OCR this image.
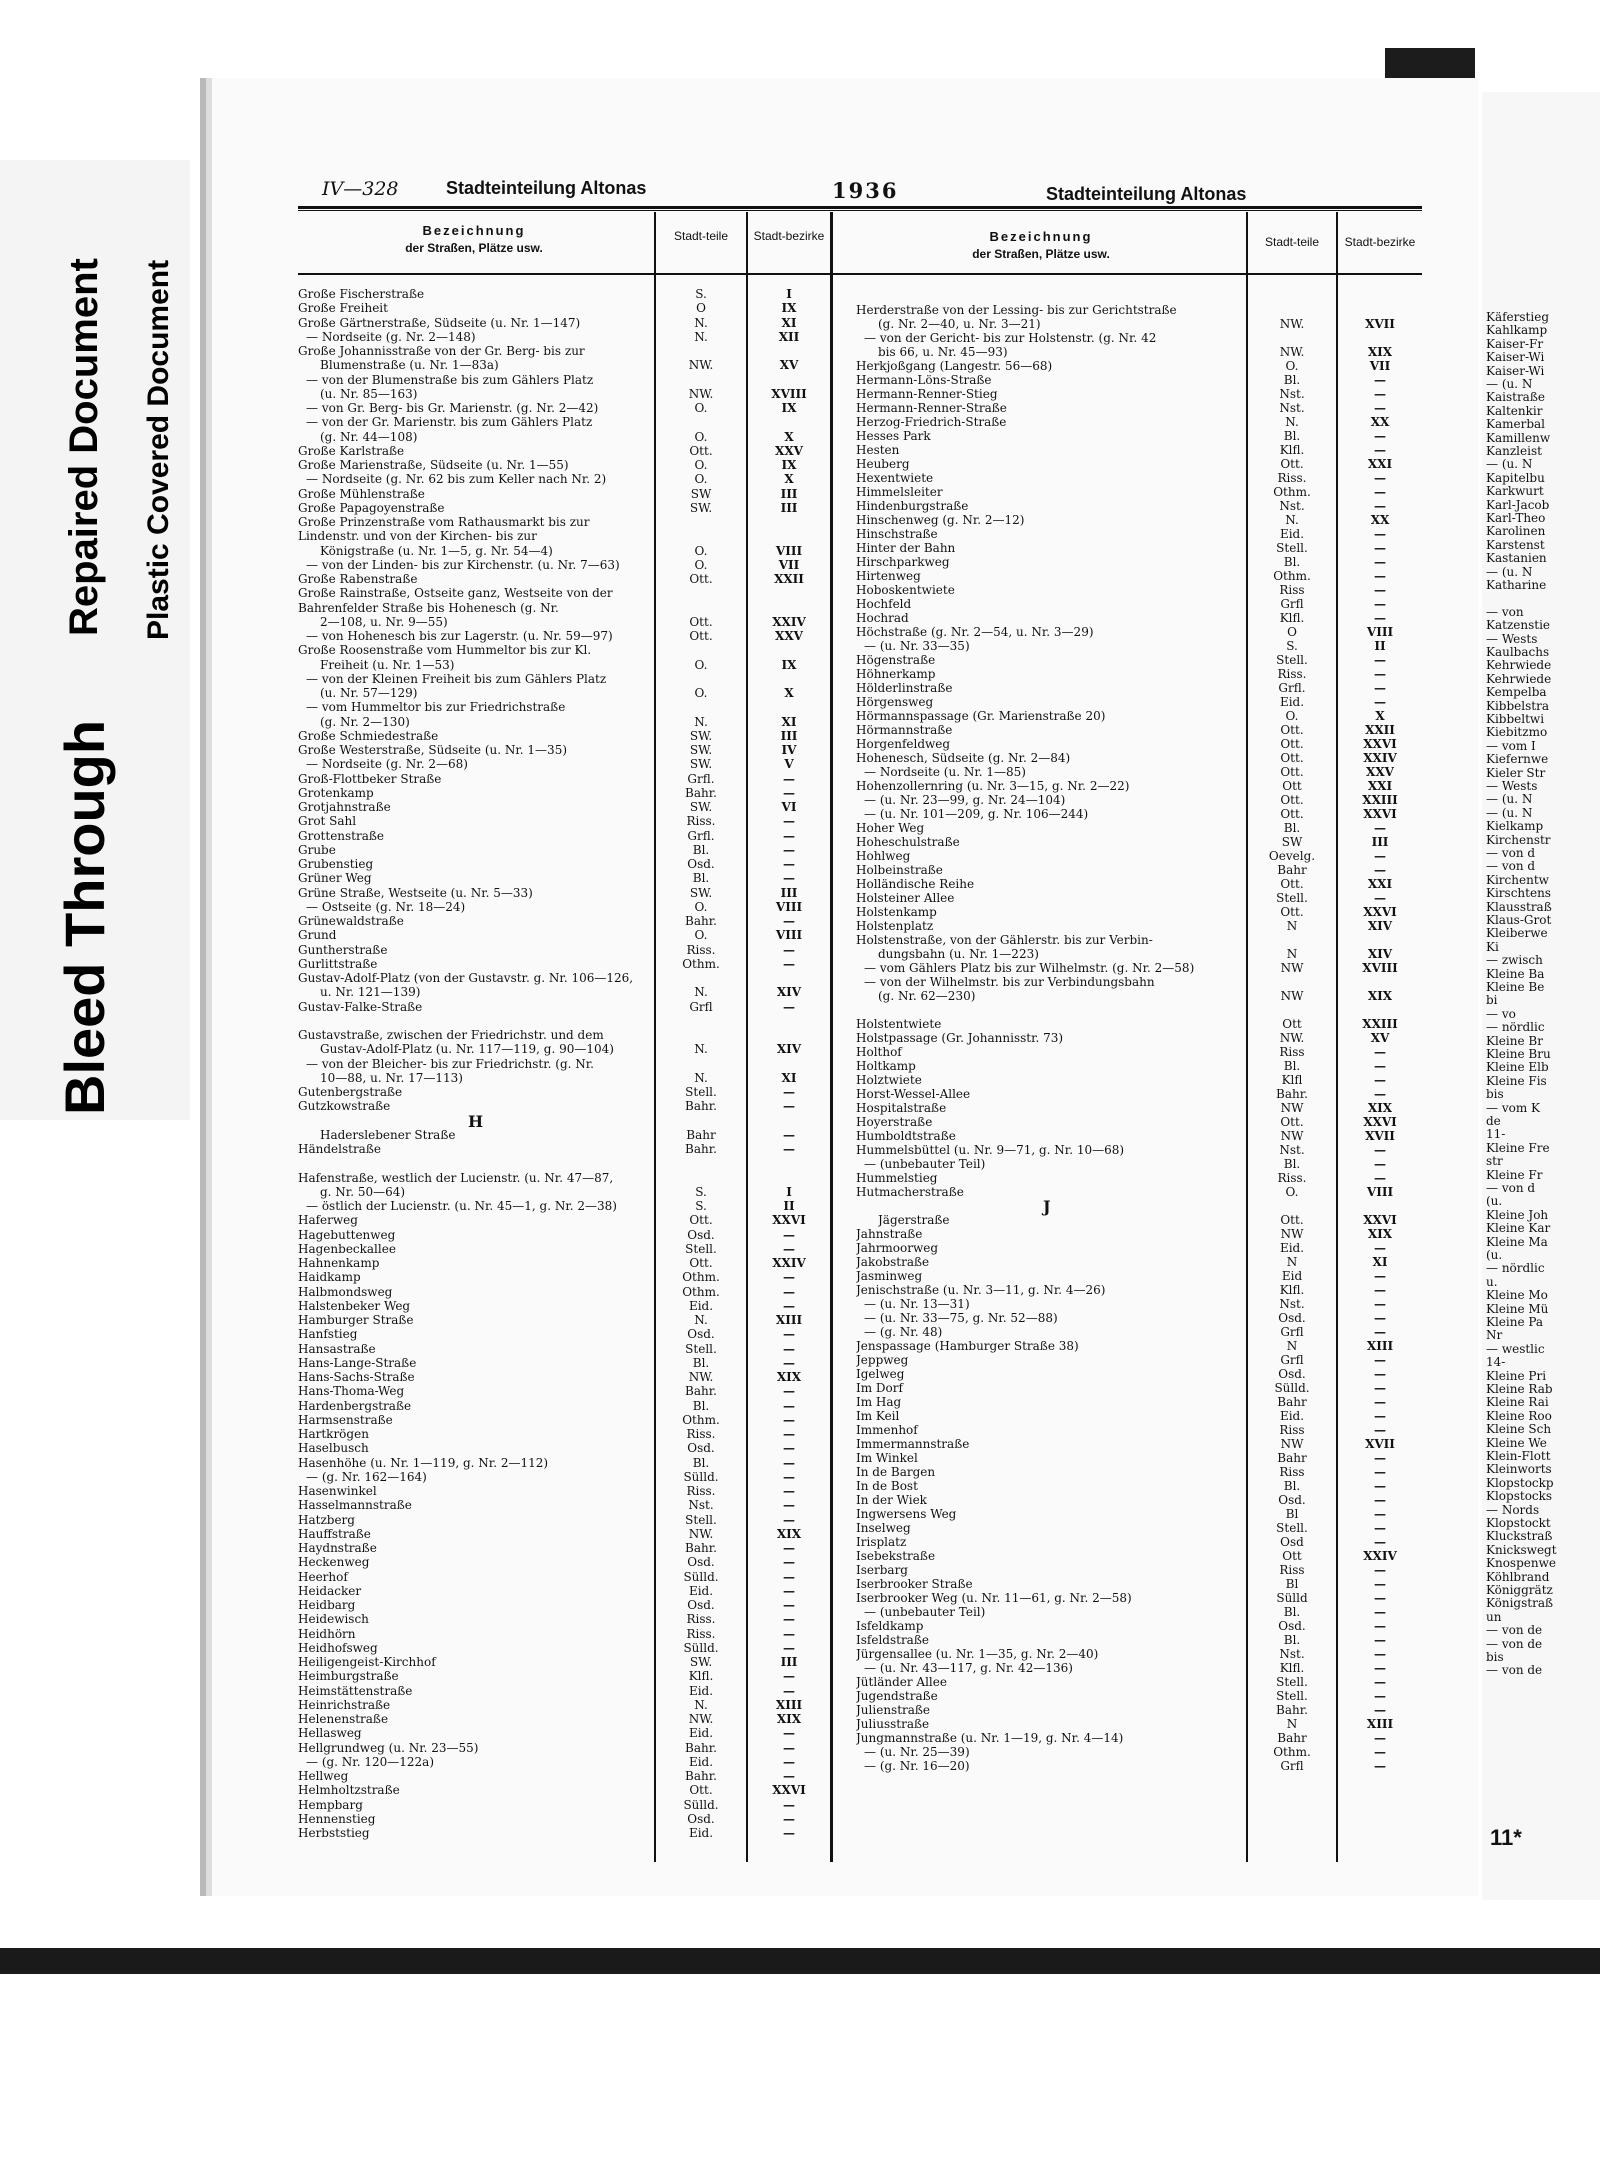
Bleed Through
Repaired Document Plastic Covered Document
IV—328	Stadteinteilung Altonas	1936	Stadteinteilung Altonas
Bezeichnung
der Straßen, Plätze usw.
Stadt-teile	Stadt-bezirke	Bezeichnung
der Straßen, Plätze usw.
Stadt-teile	Stadt-bezirke
Große Fischerstraße	S.	I
Große Freiheit	O	IX
Große Gärtnerstraße, Südseite (u. Nr. 1—147)	N.	XI
— Nordseite (g. Nr. 2—148)	N.	XII
Große Johannisstraße von der Gr. Berg- bis zur
Blumenstraße (u. Nr. 1—83a)	NW.	XV
— von der Blumenstraße bis zum Gählers Platz
(u. Nr. 85—163)	NW.	XVIII
— von Gr. Berg- bis Gr. Marienstr. (g. Nr. 2—42)	O.	IX
— von der Gr. Marienstr. bis zum Gählers Platz
(g. Nr. 44—108)	O.	X
Große Karlstraße	Ott.	XXV
Große Marienstraße, Südseite (u. Nr. 1—55)	O.	IX
— Nordseite (g. Nr. 62 bis zum Keller nach Nr. 2)	O.	X
Große Mühlenstraße	SW	III
Große Papagoyenstraße	SW.	III
Große Prinzenstraße vom Rathausmarkt bis zur
Lindenstr. und von der Kirchen- bis zur
Königstraße (u. Nr. 1—5, g. Nr. 54—4)	O.	VIII
— von der Linden- bis zur Kirchenstr. (u. Nr. 7—63)	O.	VII
Große Rabenstraße	Ott.	XXII
Große Rainstraße, Ostseite ganz, Westseite von der
Bahrenfelder Straße bis Hohenesch (g. Nr.
2—108, u. Nr. 9—55)	Ott.	XXIV
— von Hohenesch bis zur Lagerstr. (u. Nr. 59—97)	Ott.	XXV
Große Roosenstraße vom Hummeltor bis zur Kl.
Freiheit (u. Nr. 1—53)	O.	IX
— von der Kleinen Freiheit bis zum Gählers Platz
(u. Nr. 57—129)	O.	X
— vom Hummeltor bis zur Friedrichstraße
(g. Nr. 2—130)	N.	XI
Große Schmiedestraße	SW.	III
Große Westerstraße, Südseite (u. Nr. 1—35)	SW.	IV
— Nordseite (g. Nr. 2—68)	SW.	V
Groß-Flottbeker Straße	Grfl.	—
Grotenkamp	Bahr.	—
Grotjahnstraße	SW.	VI
Grot Sahl	Riss.	—
Grottenstraße	Grfl.	—
Grube	Bl.	—
Grubenstieg	Osd.	—
Grüner Weg	Bl.	—
Grüne Straße, Westseite (u. Nr. 5—33)	SW.	III
— Ostseite (g. Nr. 18—24)	O.	VIII
Grünewaldstraße	Bahr.	—
Grund	O.	VIII
Guntherstraße	Riss.	—
Gurlittstraße	Othm.	—
Gustav-Adolf-Platz (von der Gustavstr. g. Nr. 106—126,
u. Nr. 121—139)	N.	XIV
Gustav-Falke-Straße	Grfl	—
Gustavstraße, zwischen der Friedrichstr. und dem
Gustav-Adolf-Platz (u. Nr. 117—119, g. 90—104)	N.	XIV
— von der Bleicher- bis zur Friedrichstr. (g. Nr.
10—88, u. Nr. 17—113)	N.	XI
Gutenbergstraße	Stell.	—
Gutzkowstraße	Bahr.	—
H
Haderslebener Straße	Bahr	—
Händelstraße	Bahr.	—
Hafenstraße, westlich der Lucienstr. (u. Nr. 47—87,
g. Nr. 50—64)	S.	I
— östlich der Lucienstr. (u. Nr. 45—1, g. Nr. 2—38)	S.	II
Haferweg	Ott.	XXVI
Hagebuttenweg	Osd.	—
Hagenbeckallee	Stell.	—
Hahnenkamp	Ott.	XXIV
Haidkamp	Othm.	—
Halbmondsweg	Othm.	—
Halstenbeker Weg	Eid.	—
Hamburger Straße	N.	XIII
Hanfstieg	Osd.	—
Hansastraße	Stell.	—
Hans-Lange-Straße	Bl.	—
Hans-Sachs-Straße	NW.	XIX
Hans-Thoma-Weg	Bahr.	—
Hardenbergstraße	Bl.	—
Harmsenstraße	Othm.	—
Hartkrögen	Riss.	—
Haselbusch	Osd.	—
Hasenhöhe (u. Nr. 1—119, g. Nr. 2—112)	Bl.	—
— (g. Nr. 162—164)	Sülld.	—
Hasenwinkel	Riss.	—
Hasselmannstraße	Nst.	—
Hatzberg	Stell.	—
Hauffstraße	NW.	XIX
Haydnstraße	Bahr.	—
Heckenweg	Osd.	—
Heerhof	Sülld.	—
Heidacker	Eid.	—
Heidbarg	Osd.	—
Heidewisch	Riss.	—
Heidhörn	Riss.	—
Heidhofsweg	Sülld.	—
Heiligengeist-Kirchhof	SW.	III
Heimburgstraße	Klfl.	—
Heimstättenstraße	Eid.	—
Heinrichstraße	N.	XIII
Helenenstraße	NW.	XIX
Hellasweg	Eid.	—
Hellgrundweg (u. Nr. 23—55)	Bahr.	—
— (g. Nr. 120—122a)	Eid.	—
Hellweg	Bahr.	—
Helmholtzstraße	Ott.	XXVI
Hempbarg	Sülld.	—
Hennenstieg	Osd.	—
Herbststieg	Eid.	—
Herderstraße von der Lessing- bis zur Gerichtstraße
(g. Nr. 2—40, u. Nr. 3—21)	NW.	XVII
— von der Gericht- bis zur Holstenstr. (g. Nr. 42
bis 66, u. Nr. 45—93)	NW.	XIX
Herkjoßgang (Langestr. 56—68)	O.	VII
Hermann-Löns-Straße	Bl.	—
Hermann-Renner-Stieg	Nst.	—
Hermann-Renner-Straße	Nst.	—
Herzog-Friedrich-Straße	N.	XX
Hesses Park	Bl.	—
Hesten	Klfl.	—
Heuberg	Ott.	XXI
Hexentwiete	Riss.	—
Himmelsleiter	Othm.	—
Hindenburgstraße	Nst.	—
Hinschenweg (g. Nr. 2—12)	N.	XX
Hinschstraße	Eid.	—
Hinter der Bahn	Stell.	—
Hirschparkweg	Bl.	—
Hirtenweg	Othm.	—
Hoboskentwiete	Riss	—
Hochfeld	Grfl	—
Hochrad	Klfl.	—
Höchstraße (g. Nr. 2—54, u. Nr. 3—29)	O	VIII
— (u. Nr. 33—35)	S.	II
Högenstraße	Stell.	—
Höhnerkamp	Riss.	—
Hölderlinstraße	Grfl.	—
Hörgensweg	Eid.	—
Hörmannspassage (Gr. Marienstraße 20)	O.	X
Hörmannstraße	Ott.	XXII
Horgenfeldweg	Ott.	XXVI
Hohenesch, Südseite (g. Nr. 2—84)	Ott.	XXIV
— Nordseite (u. Nr. 1—85)	Ott.	XXV
Hohenzollernring (u. Nr. 3—15, g. Nr. 2—22)	Ott	XXI
— (u. Nr. 23—99, g. Nr. 24—104)	Ott.	XXIII
— (u. Nr. 101—209, g. Nr. 106—244)	Ott.	XXVI
Hoher Weg	Bl.	—
Hoheschulstraße	SW	III
Hohlweg	Oevelg.	—
Holbeinstraße	Bahr	—
Holländische Reihe	Ott.	XXI
Holsteiner Allee	Stell.	—
Holstenkamp	Ott.	XXVI
Holstenplatz	N	XIV
Holstenstraße, von der Gählerstr. bis zur Verbin-
dungsbahn (u. Nr. 1—223)	N	XIV
— vom Gählers Platz bis zur Wilhelmstr. (g. Nr. 2—58)	NW	XVIII
— von der Wilhelmstr. bis zur Verbindungsbahn
(g. Nr. 62—230)	NW	XIX
Holstentwiete	Ott	XXIII
Holstpassage (Gr. Johannisstr. 73)	NW.	XV
Holthof	Riss	—
Holtkamp	Bl.	—
Holztwiete	Klfl	—
Horst-Wessel-Allee	Bahr.	—
Hospitalstraße	NW	XIX
Hoyerstraße	Ott.	XXVI
Humboldtstraße	NW	XVII
Hummelsbüttel (u. Nr. 9—71, g. Nr. 10—68)	Nst.	—
— (unbebauter Teil)	Bl.	—
Hummelstieg	Riss.	—
Hutmacherstraße	O.	VIII
J
Jägerstraße	Ott.	XXVI
Jahnstraße	NW	XIX
Jahrmoorweg	Eid.	—
Jakobstraße	N	XI
Jasminweg	Eid	—
Jenischstraße (u. Nr. 3—11, g. Nr. 4—26)	Klfl.	—
— (u. Nr. 13—31)	Nst.	—
— (u. Nr. 33—75, g. Nr. 52—88)	Osd.	—
— (g. Nr. 48)	Grfl	—
Jenspassage (Hamburger Straße 38)	N	XIII
Jeppweg	Grfl	—
Igelweg	Osd.	—
Im Dorf	Sülld.	—
Im Hag	Bahr	—
Im Keil	Eid.	—
Immenhof	Riss	—
Immermannstraße	NW	XVII
Im Winkel	Bahr	—
In de Bargen	Riss	—
In de Bost	Bl.	—
In der Wiek	Osd.	—
Ingwersens Weg	Bl	—
Inselweg	Stell.	—
Irisplatz	Osd	—
Isebekstraße	Ott	XXIV
Iserbarg	Riss	—
Iserbrooker Straße	Bl	—
Iserbrooker Weg (u. Nr. 11—61, g. Nr. 2—58)	Sülld	—
— (unbebauter Teil)	Bl.	—
Isfeldkamp	Osd.	—
Isfeldstraße	Bl.	—
Jürgensallee (u. Nr. 1—35, g. Nr. 2—40)	Nst.	—
— (u. Nr. 43—117, g. Nr. 42—136)	Klfl.	—
Jütländer Allee	Stell.	—
Jugendstraße	Stell.	—
Julienstraße	Bahr.	—
Juliusstraße	N	XIII
Jungmannstraße (u. Nr. 1—19, g. Nr. 4—14)	Bahr	—
— (u. Nr. 25—39)	Othm.	—
— (g. Nr. 16—20)	Grfl	—
Käferstieg
Kahlkamp
Kaiser-Fr
Kaiser-Wi
Kaiser-Wi
— (u. N
Kaistraße
Kaltenkir
Kamerbal
Kamillenw
Kanzleist
— (u. N
Kapitelbu
Karkwurt
Karl-Jacob
Karl-Theo
Karolinen
Karstenst
Kastanien
— (u. N
Katharine
— von
Katzenstie
— Wests
Kaulbachs
Kehrwiede
Kehrwiede
Kempelba
Kibbelstra
Kibbeltwi
Kiebitzmo
— vom I
Kiefernwe
Kieler Str
— Wests
— (u. N
— (u. N
Kielkamp
Kirchenstr
— von d
— von d
Kirchentw
Kirschtens
Klausstraß
Klaus-Grot
Kleiberwe
Ki
— zwisch
Kleine Ba
Kleine Be
bi
— vo
— nördlic
Kleine Br
Kleine Bru
Kleine Elb
Kleine Fis
bis
— vom K
de
11-
Kleine Fre
str
Kleine Fr
— von d
(u.
Kleine Joh
Kleine Kar
Kleine Ma
(u.
— nördlic
u.
Kleine Mo
Kleine Mü
Kleine Pa
Nr
— westlic
14-
Kleine Pri
Kleine Rab
Kleine Rai
Kleine Roo
Kleine Sch
Kleine We
Klein-Flott
Kleinworts
Klopstockp
Klopstocks
— Nords
Klopstockt
Kluckstraß
Knickswegt
Knospenwe
Köhlbrand
Königgrätz
Königstraß
un
— von de
— von de
bis
— von de
11*
